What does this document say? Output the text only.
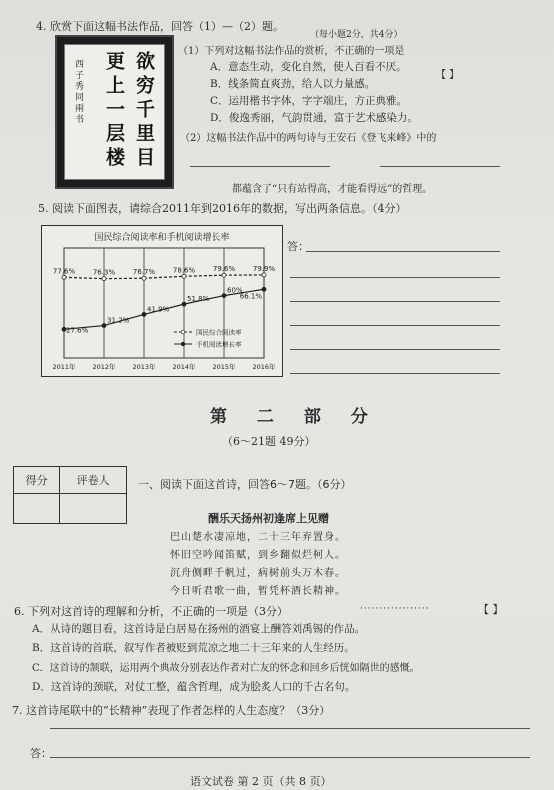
4. 欣赏下面这幅书法作品，回答（1）—（2）题。
欲穷千里目
更上一层楼
西子秀同兩书
（1）下列对这幅书法作品的赏析，不正确的一项是
（每小题2分，共4分）
【 】
A．意态生动，变化自然，使人百看不厌。
B．线条简直爽劲，给人以力量感。
C．运用楷书字体，字字端庄，方正典雅。
D．俊逸秀丽，气韵贯通，富于艺术感染力。
（2）这幅书法作品中的两句诗与王安石《登飞来峰》中的
都蕴含了“只有站得高，才能看得远”的哲理。
5. 阅读下面图表，请综合2011年到2016年的数据，写出两条信息。（4分）
国民综合阅读率和手机阅读增长率
2011年	2012年	2013年	2014年	2015年	2016年
77.6%	76.3%	76.7%	78.6%	79.6%	79.9%
27.6%
31.2%
41.9%
51.8%
60%
66.1%
国民综合阅读率
手机阅读增长率
答：
第 二 部 分
（6～21题 49分）
得分	评卷人
		一、阅读下面这首诗，回答6～7题。（6分）
酬乐天扬州初逢席上见赠
巴山楚水凄凉地，二十三年弃置身。
怀旧空吟闻笛赋，到乡翻似烂柯人。
沉舟侧畔千帆过，病树前头万木春。
今日听君歌一曲，暂凭杯酒长精神。
6. 下列对这首诗的理解和分析，不正确的一项是（3分）	··················	【 】
A．从诗的题目看，这首诗是白居易在扬州的酒宴上酬答刘禹锡的作品。
B．这首诗的首联，叙写作者被贬到荒凉之地二十三年来的人生经历。
C．这首诗的颔联，运用两个典故分别表达作者对亡友的怀念和回乡后恍如隔世的感慨。
D．这首诗的颈联，对仗工整，蕴含哲理，成为脍炙人口的千古名句。
7. 这首诗尾联中的“长精神”表现了作者怎样的人生态度？（3分）
答：
语文试卷 第 2 页（共 8 页）
